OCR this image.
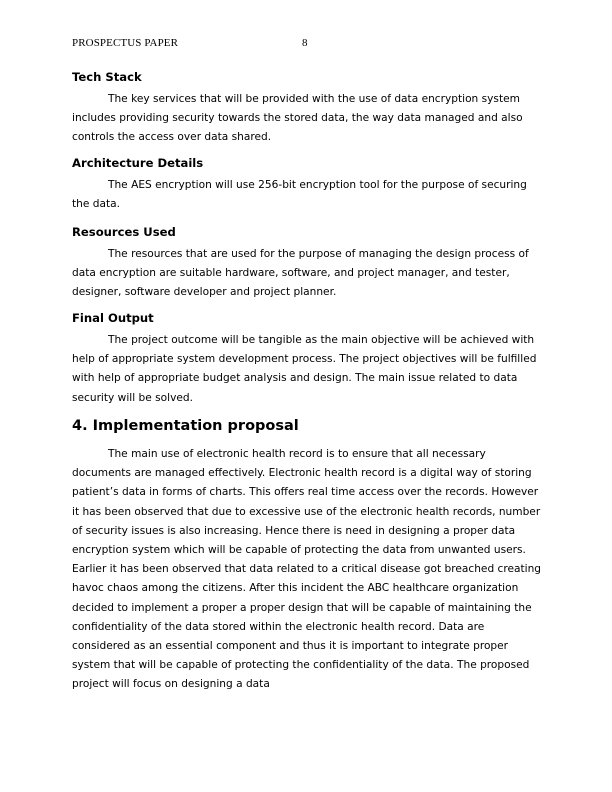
PROSPECTUS PAPER	8

Tech Stack

The key services that will be provided with the use of data encryption system includes providing security towards the stored data, the way data managed and also controls the access over data shared.

Architecture Details

The AES encryption will use 256-bit encryption tool for the purpose of securing the data.

Resources Used

The resources that are used for the purpose of managing the design process of data encryption are suitable hardware, software, and project manager, and tester, designer, software developer and project planner.

Final Output

The project outcome will be tangible as the main objective will be achieved with help of appropriate system development process. The project objectives will be fulfilled with help of appropriate budget analysis and design. The main issue related to data security will be solved.

4. Implementation proposal

The main use of electronic health record is to ensure that all necessary documents are managed effectively. Electronic health record is a digital way of storing patient’s data in forms of charts. This offers real time access over the records. However it has been observed that due to excessive use of the electronic health records, number of security issues is also increasing. Hence there is need in designing a proper data encryption system which will be capable of protecting the data from unwanted users. Earlier it has been observed that data related to a critical disease got breached creating havoc chaos among the citizens. After this incident the ABC healthcare organization decided to implement a proper a proper design that will be capable of maintaining the confidentiality of the data stored within the electronic health record. Data are considered as an essential component and thus it is important to integrate proper system that will be capable of protecting the confidentiality of the data. The proposed project will focus on designing a data
